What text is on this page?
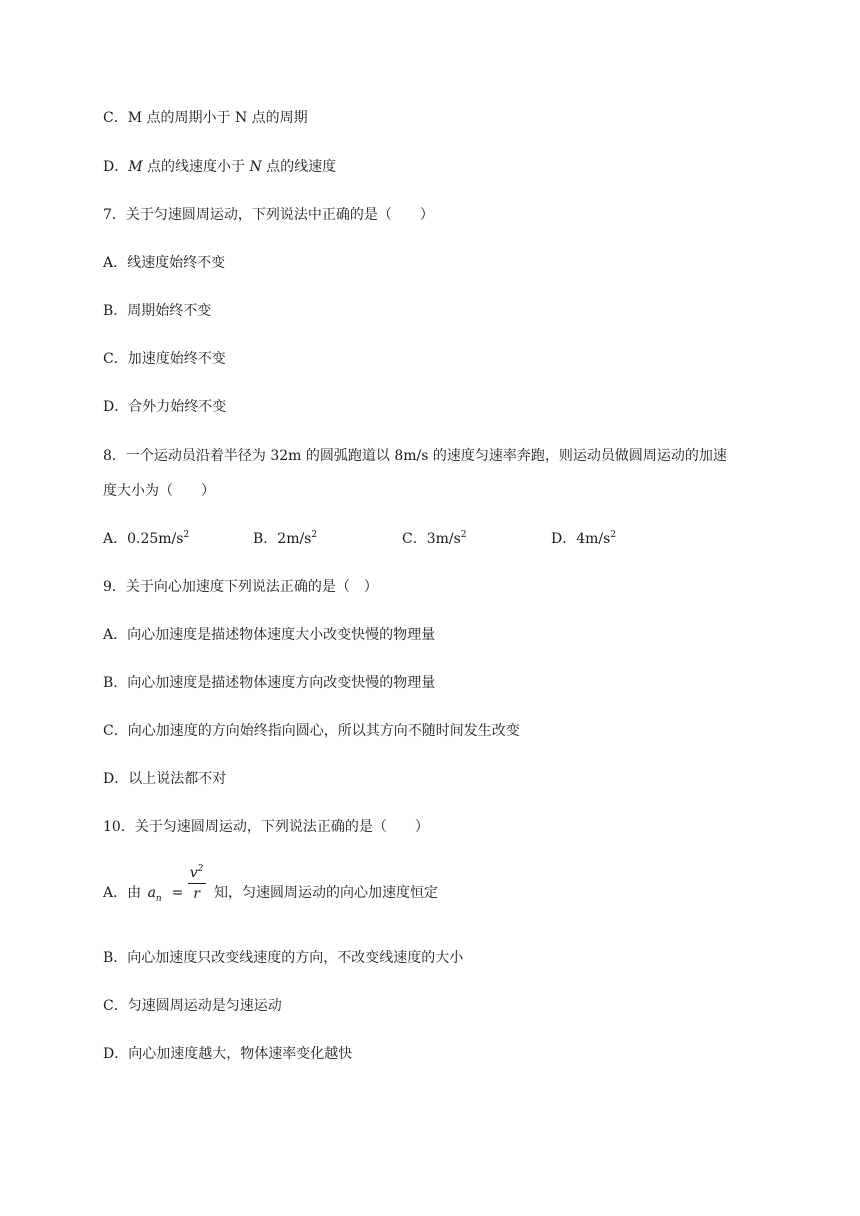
C．M 点的周期小于 N 点的周期
D．M 点的线速度小于 N 点的线速度
7．关于匀速圆周运动，下列说法中正确的是（　　）
A．线速度始终不变
B．周期始终不变
C．加速度始终不变
D．合外力始终不变
8．一个运动员沿着半径为 32m 的圆弧跑道以 8m/s 的速度匀速率奔跑，则运动员做圆周运动的加速
度大小为（　　）
A．$0.25m/s^2$	B．$2m/s^2$	C．$3m/s^2$	D．$4m/s^2$
9．关于向心加速度下列说法正确的是（　）
A．向心加速度是描述物体速度大小改变快慢的物理量
B．向心加速度是描述物体速度方向改变快慢的物理量
C．向心加速度的方向始终指向圆心，所以其方向不随时间发生改变
D．以上说法都不对
10．关于匀速圆周运动，下列说法正确的是（　　）
A．由 $a_n$ =
$v^2$
r 知，匀速圆周运动的向心加速度恒定
B．向心加速度只改变线速度的方向，不改变线速度的大小
C．匀速圆周运动是匀速运动
D．向心加速度越大，物体速率变化越快
